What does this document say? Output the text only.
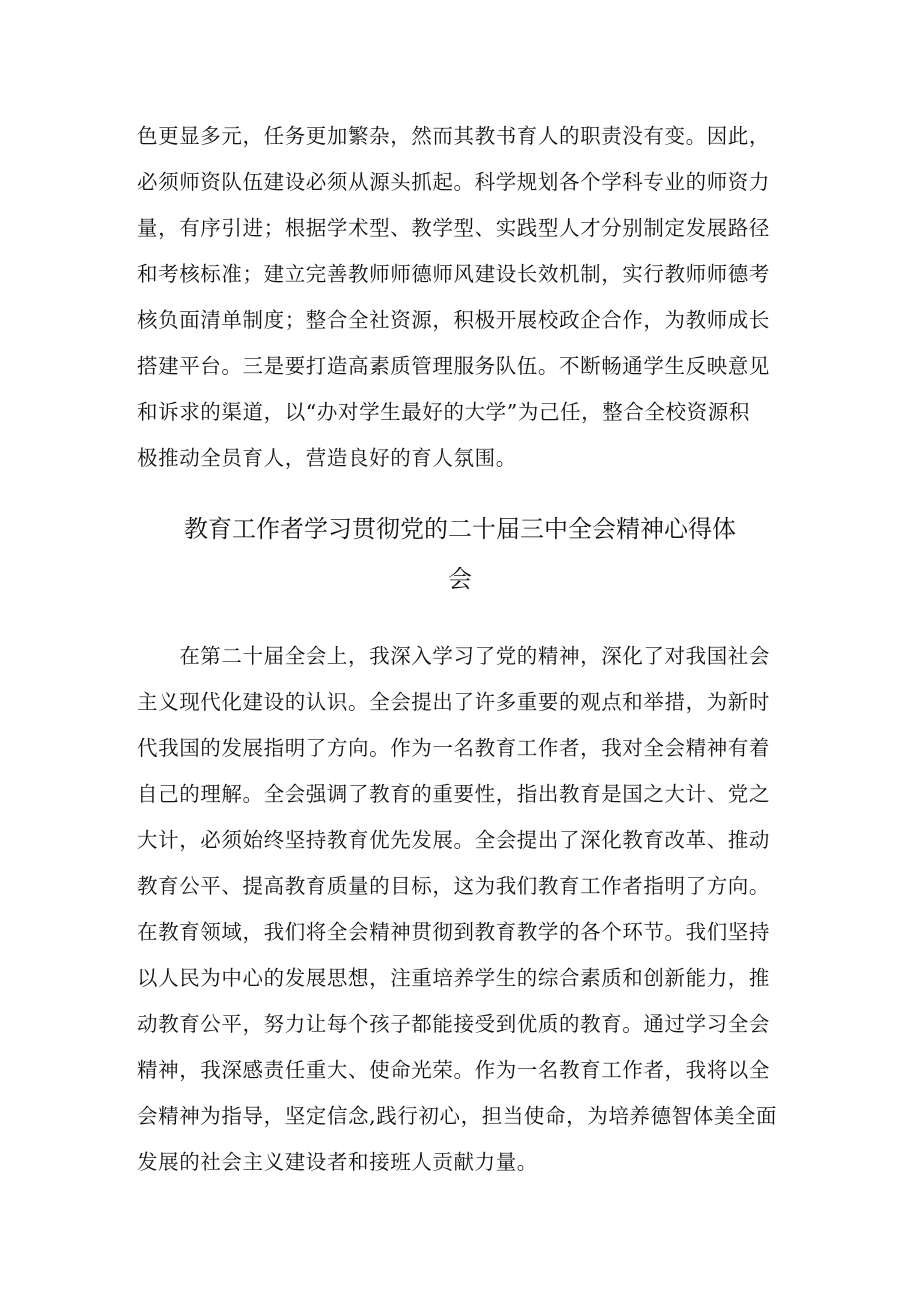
色更显多元，任务更加繁杂，然而其教书育人的职责没有变。因此，
必须师资队伍建设必须从源头抓起。科学规划各个学科专业的师资力
量，有序引进；根据学术型、教学型、实践型人才分别制定发展路径
和考核标准；建立完善教师师德师风建设长效机制，实行教师师德考
核负面清单制度；整合全社资源，积极开展校政企合作，为教师成长
搭建平台。三是要打造高素质管理服务队伍。不断畅通学生反映意见
和诉求的渠道，以“办对学生最好的大学”为己任，整合全校资源积
极推动全员育人，营造良好的育人氛围。

教育工作者学习贯彻党的二十届三中全会精神心得体
会

　　在第二十届全会上，我深入学习了党的精神，深化了对我国社会
主义现代化建设的认识。全会提出了许多重要的观点和举措，为新时
代我国的发展指明了方向。作为一名教育工作者，我对全会精神有着
自己的理解。全会强调了教育的重要性，指出教育是国之大计、党之
大计，必须始终坚持教育优先发展。全会提出了深化教育改革、推动
教育公平、提高教育质量的目标，这为我们教育工作者指明了方向。
在教育领域，我们将全会精神贯彻到教育教学的各个环节。我们坚持
以人民为中心的发展思想，注重培养学生的综合素质和创新能力，推
动教育公平，努力让每个孩子都能接受到优质的教育。通过学习全会
精神，我深感责任重大、使命光荣。作为一名教育工作者，我将以全
会精神为指导，坚定信念,践行初心，担当使命，为培养德智体美全面
发展的社会主义建设者和接班人贡献力量。
